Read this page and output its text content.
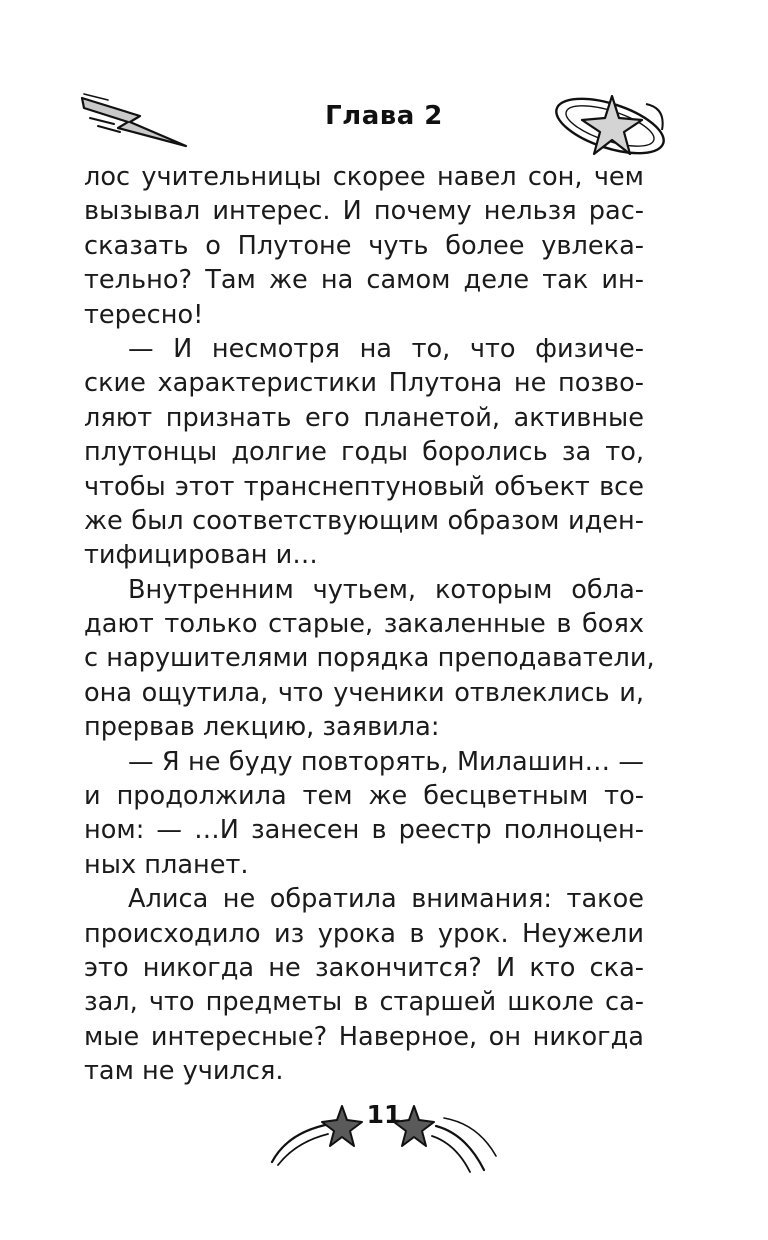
Глава 2
лос учительницы скорее навел сон, чем
вызывал интерес. И почему нельзя рас-
сказать о Плутоне чуть более увлека-
тельно? Там же на самом деле так ин-
тересно!
— И несмотря на то, что физиче-
ские характеристики Плутона не позво-
ляют признать его планетой, активные
плутонцы долгие годы боролись за то,
чтобы этот транснептуновый объект все
же был соответствующим образом иден-
тифицирован и…
Внутренним чутьем, которым обла-
дают только старые, закаленные в боях
с нарушителями порядка преподаватели,
она ощутила, что ученики отвлеклись и,
прервав лекцию, заявила:
— Я не буду повторять, Милашин… —
и продолжила тем же бесцветным то-
ном: — …И занесен в реестр полноцен-
ных планет.
Алиса не обратила внимания: такое
происходило из урока в урок. Неужели
это никогда не закончится? И кто ска-
зал, что предметы в старшей школе са-
мые интересные? Наверное, он никогда
там не учился.
11
